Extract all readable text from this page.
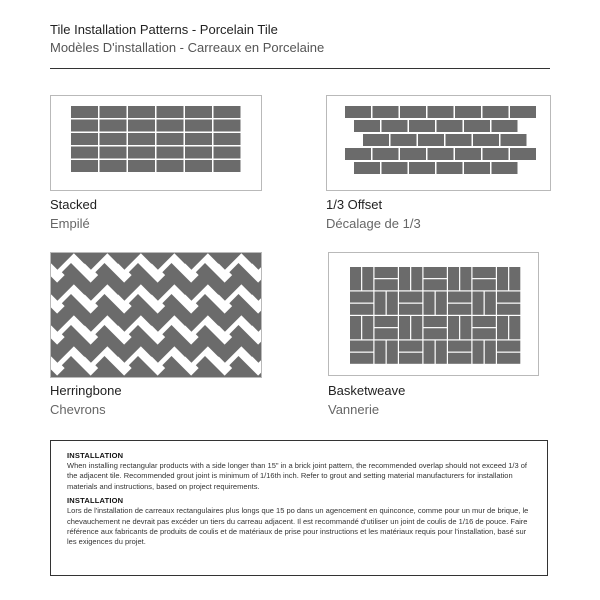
Tile Installation Patterns - Porcelain Tile
Modèles D'installation - Carreaux en Porcelaine
Stacked
Empilé
1/3 Offset
Décalage de 1/3
Herringbone
Chevrons
Basketweave
Vannerie
INSTALLATION
When installing rectangular products with a side longer than 15" in a brick joint pattern, the recommended overlap should not exceed 1/3 of the adjacent tile. Recommended grout joint is minimum of 1/16th inch. Refer to grout and setting material manufacturers for installation materials and instructions, based on project requirements.
INSTALLATION
Lors de l'installation de carreaux rectangulaires plus longs que 15 po dans un agencement en quinconce, comme pour un mur de brique, le chevauchement ne devrait pas excéder un tiers du carreau adjacent. Il est recommandé d'utiliser un joint de coulis de 1/16 de pouce. Faire référence aux fabricants de produits de coulis et de matériaux de prise pour instructions et les matériaux requis pour l'installation, basé sur les exigences du projet.
